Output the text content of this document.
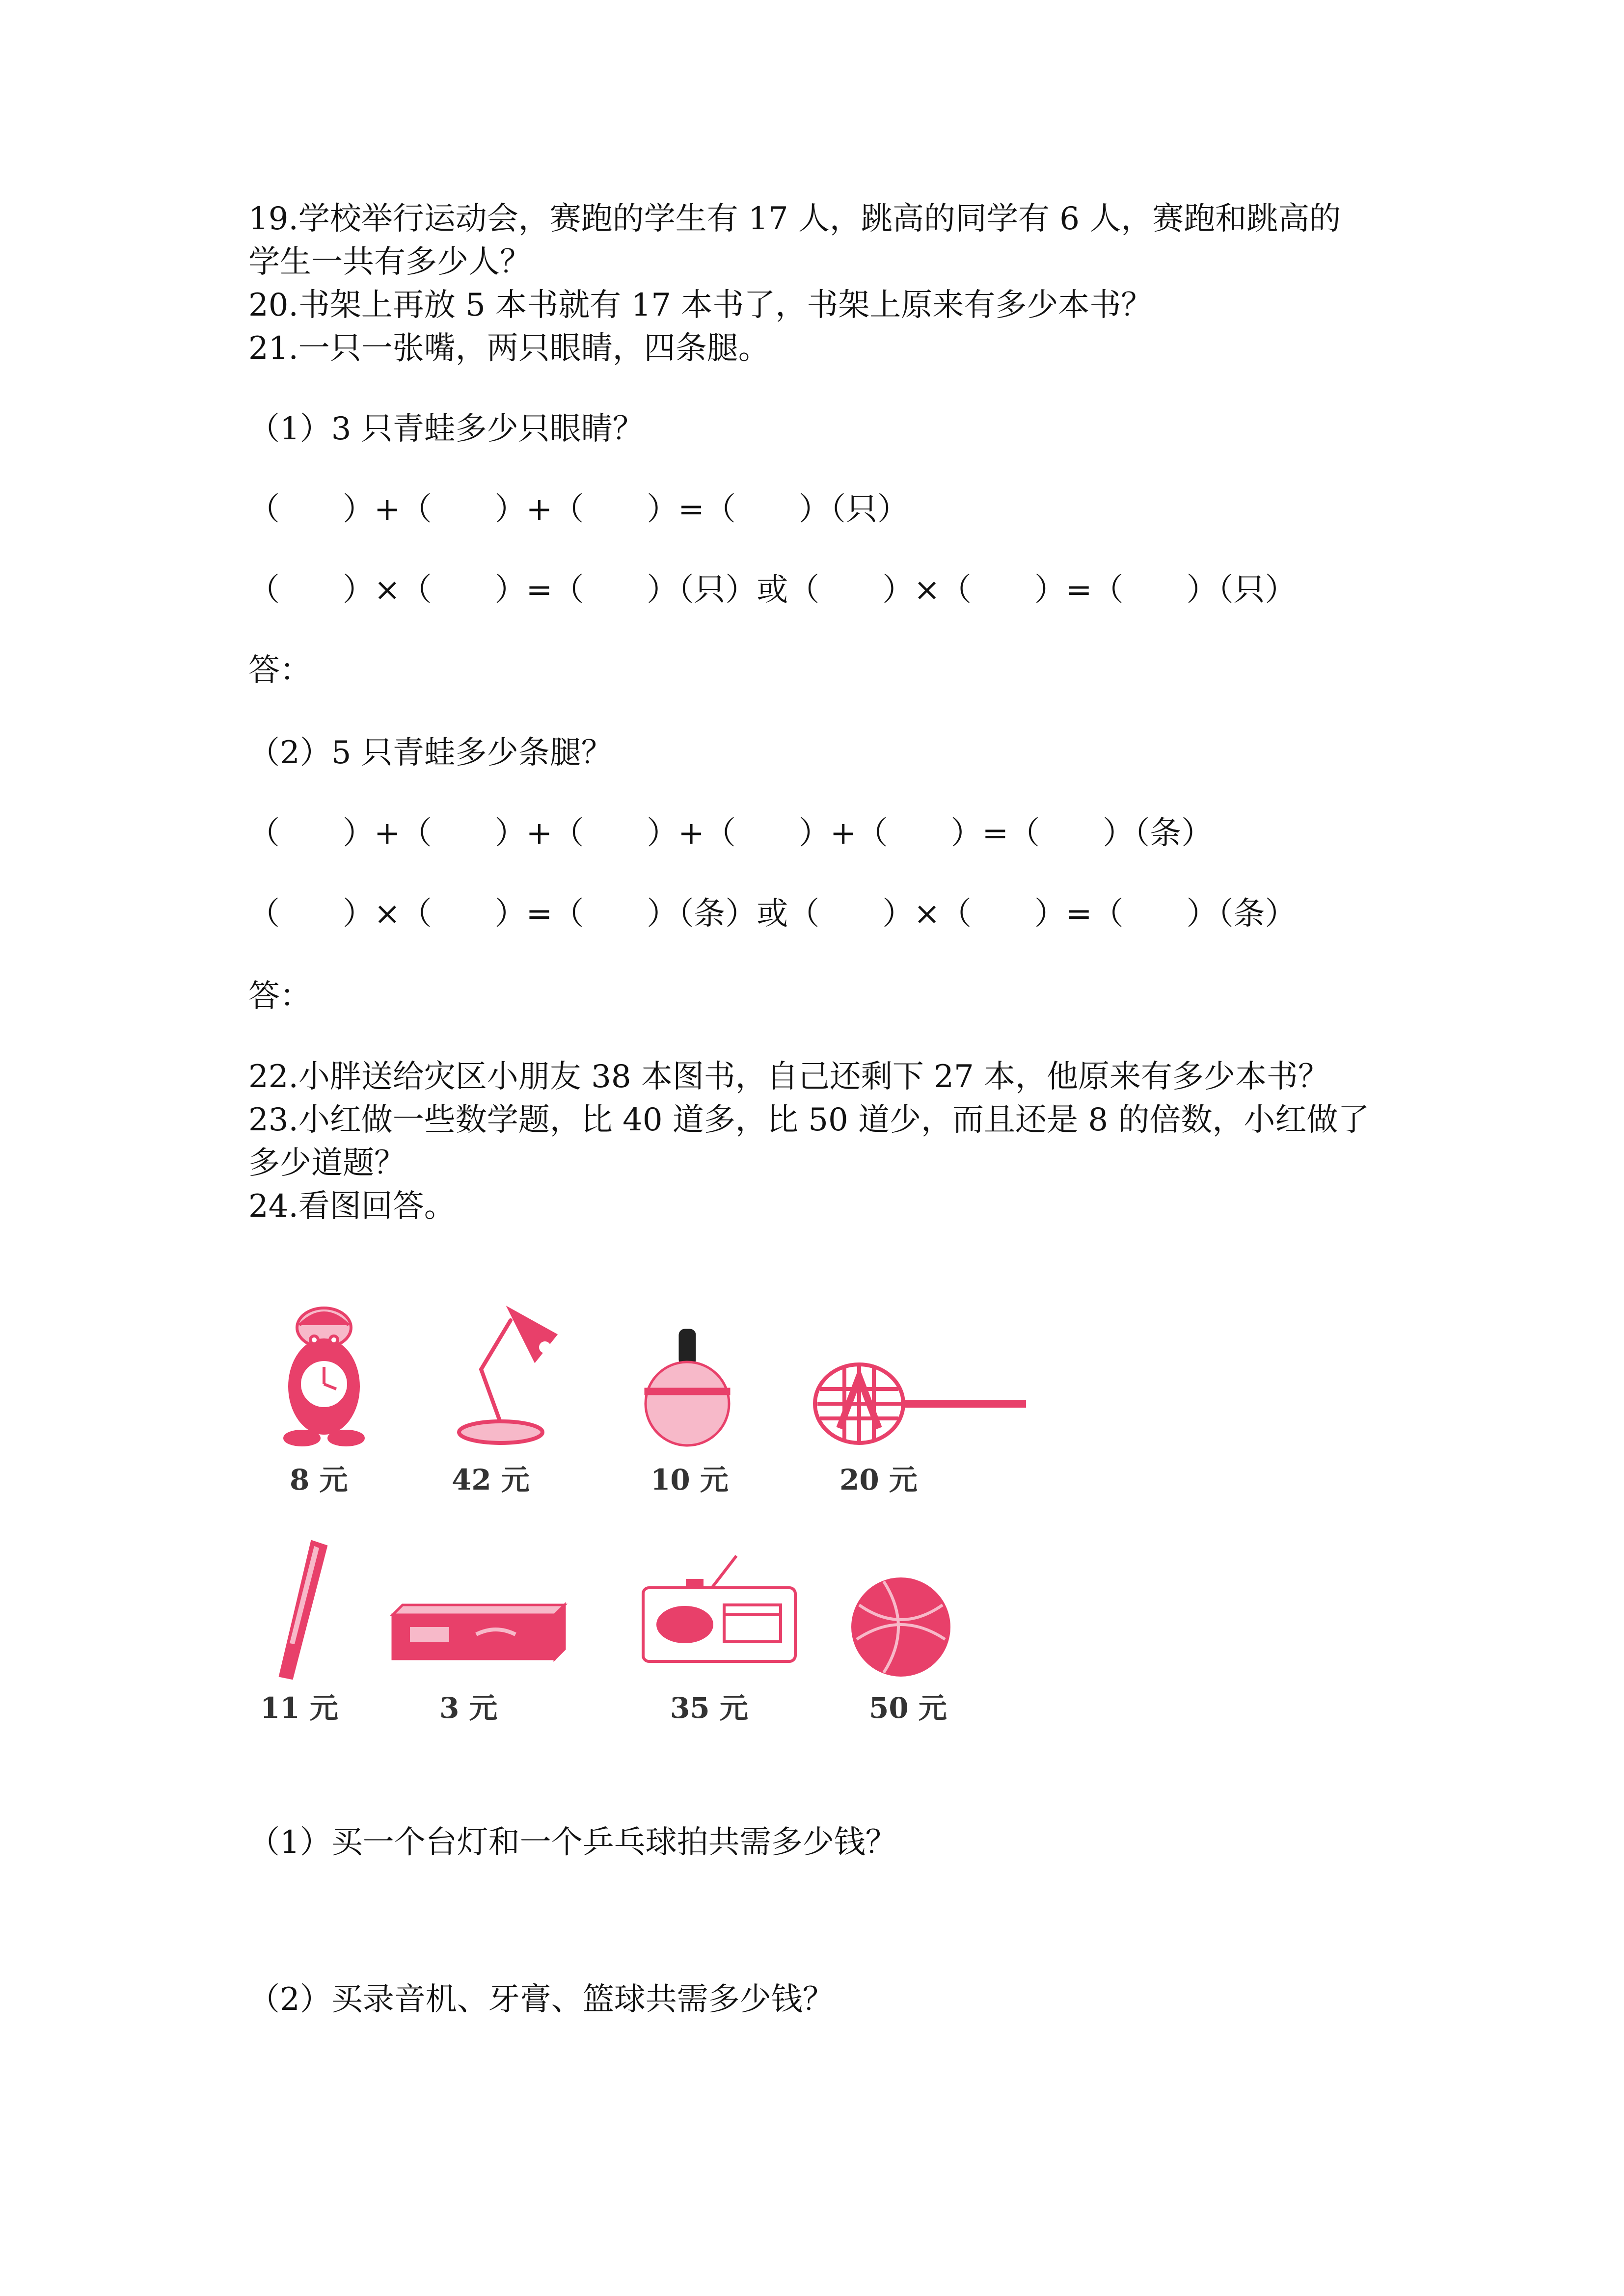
19.学校举行运动会，赛跑的学生有 17 人，跳高的同学有 6 人，赛跑和跳高的
学生一共有多少人？
20.书架上再放 5 本书就有 17 本书了，书架上原来有多少本书？
21.一只一张嘴，两只眼睛，四条腿。
（1）3 只青蛙多少只眼睛？
（　　）+（　　）+（　　）=（　　）（只）
（　　）×（　　）=（　　）（只）或（　　）×（　　）=（　　）（只）
答：
（2）5 只青蛙多少条腿？
（　　）+（　　）+（　　）+（　　）+（　　）=（　　）（条）
（　　）×（　　）=（　　）（条）或（　　）×（　　）=（　　）（条）
答：
22.小胖送给灾区小朋友 38 本图书，自己还剩下 27 本，他原来有多少本书？
23.小红做一些数学题，比 40 道多，比 50 道少，而且还是 8 的倍数，小红做了
多少道题？
24.看图回答。
8 元	42 元	10 元	20 元
11 元	3 元	35 元	50 元
（1）买一个台灯和一个乒乓球拍共需多少钱？
（2）买录音机、牙膏、篮球共需多少钱？
